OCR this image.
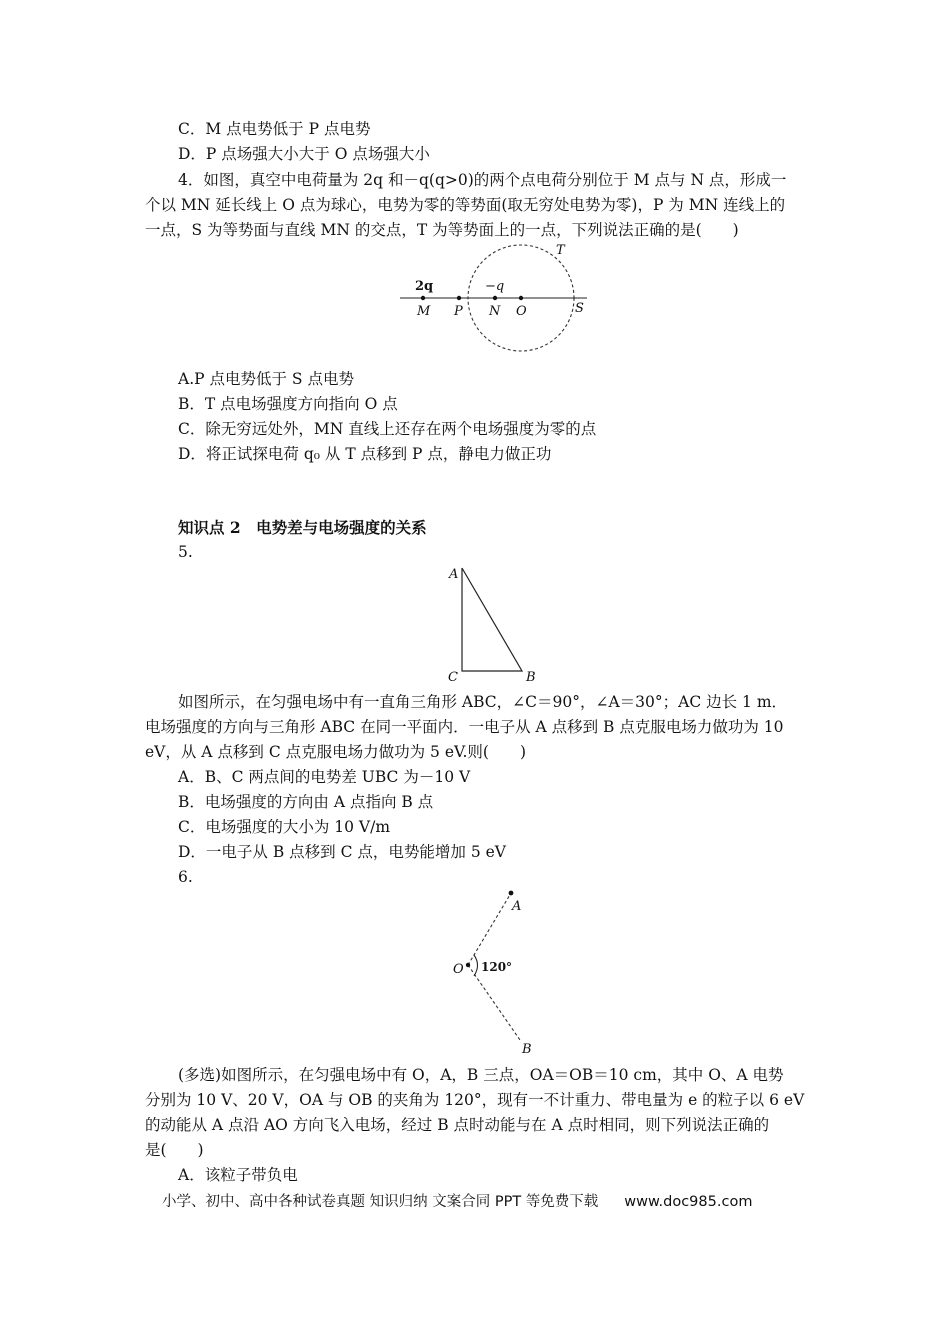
C．M 点电势低于 P 点电势
D．P 点场强大小大于 O 点场强大小
4．如图，真空中电荷量为 2q 和－q(q>0)的两个点电荷分别位于 M 点与 N 点，形成一
个以 MN 延长线上 O 点为球心，电势为零的等势面(取无穷处电势为零)，P 为 MN 连线上的
一点，S 为等势面与直线 MN 的交点，T 为等势面上的一点，下列说法正确的是(　　)
2q	−q
M P N O	S
T
A.P 点电势低于 S 点电势
B．T 点电场强度方向指向 O 点
C．除无穷远处外，MN 直线上还存在两个电场强度为零的点
D．将正试探电荷 q₀ 从 T 点移到 P 点，静电力做正功
知识点 2　电势差与电场强度的关系
5.
A
C	B
如图所示，在匀强电场中有一直角三角形 ABC，∠C＝90°，∠A＝30°；AC 边长 1 m．
电场强度的方向与三角形 ABC 在同一平面内．一电子从 A 点移到 B 点克服电场力做功为 10
eV，从 A 点移到 C 点克服电场力做功为 5 eV.则(　　)
A．B、C 两点间的电势差 UBC 为－10 V
B．电场强度的方向由 A 点指向 B 点
C．电场强度的大小为 10 V/m
D．一电子从 B 点移到 C 点，电势能增加 5 eV
6.
A
O
B
120°
(多选)如图所示，在匀强电场中有 O，A，B 三点，OA＝OB＝10 cm，其中 O、A 电势
分别为 10 V、20 V，OA 与 OB 的夹角为 120°，现有一不计重力、带电量为 e 的粒子以 6 eV
的动能从 A 点沿 AO 方向飞入电场，经过 B 点时动能与在 A 点时相同，则下列说法正确的
是(　　)
A．该粒子带负电
小学、初中、高中各种试卷真题 知识归纳 文案合同 PPT 等免费下载 www.doc985.com
